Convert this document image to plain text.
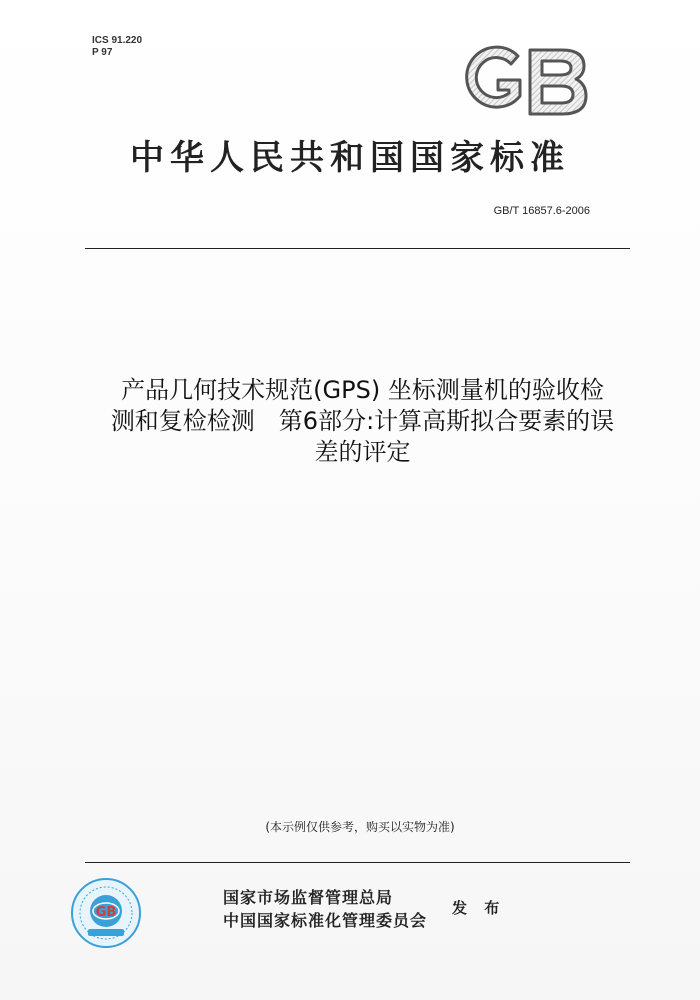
ICS 91.220
P 97
中华人民共和国国家标准
GB/T 16857.6-2006
产品几何技术规范(GPS) 坐标测量机的验收检
测和复检检测　第6部分:计算高斯拟合要素的误
差的评定
(本示例仅供参考，购买以实物为准)
GB
国家市场监督管理总局
中国国家标准化管理委员会
发 布
